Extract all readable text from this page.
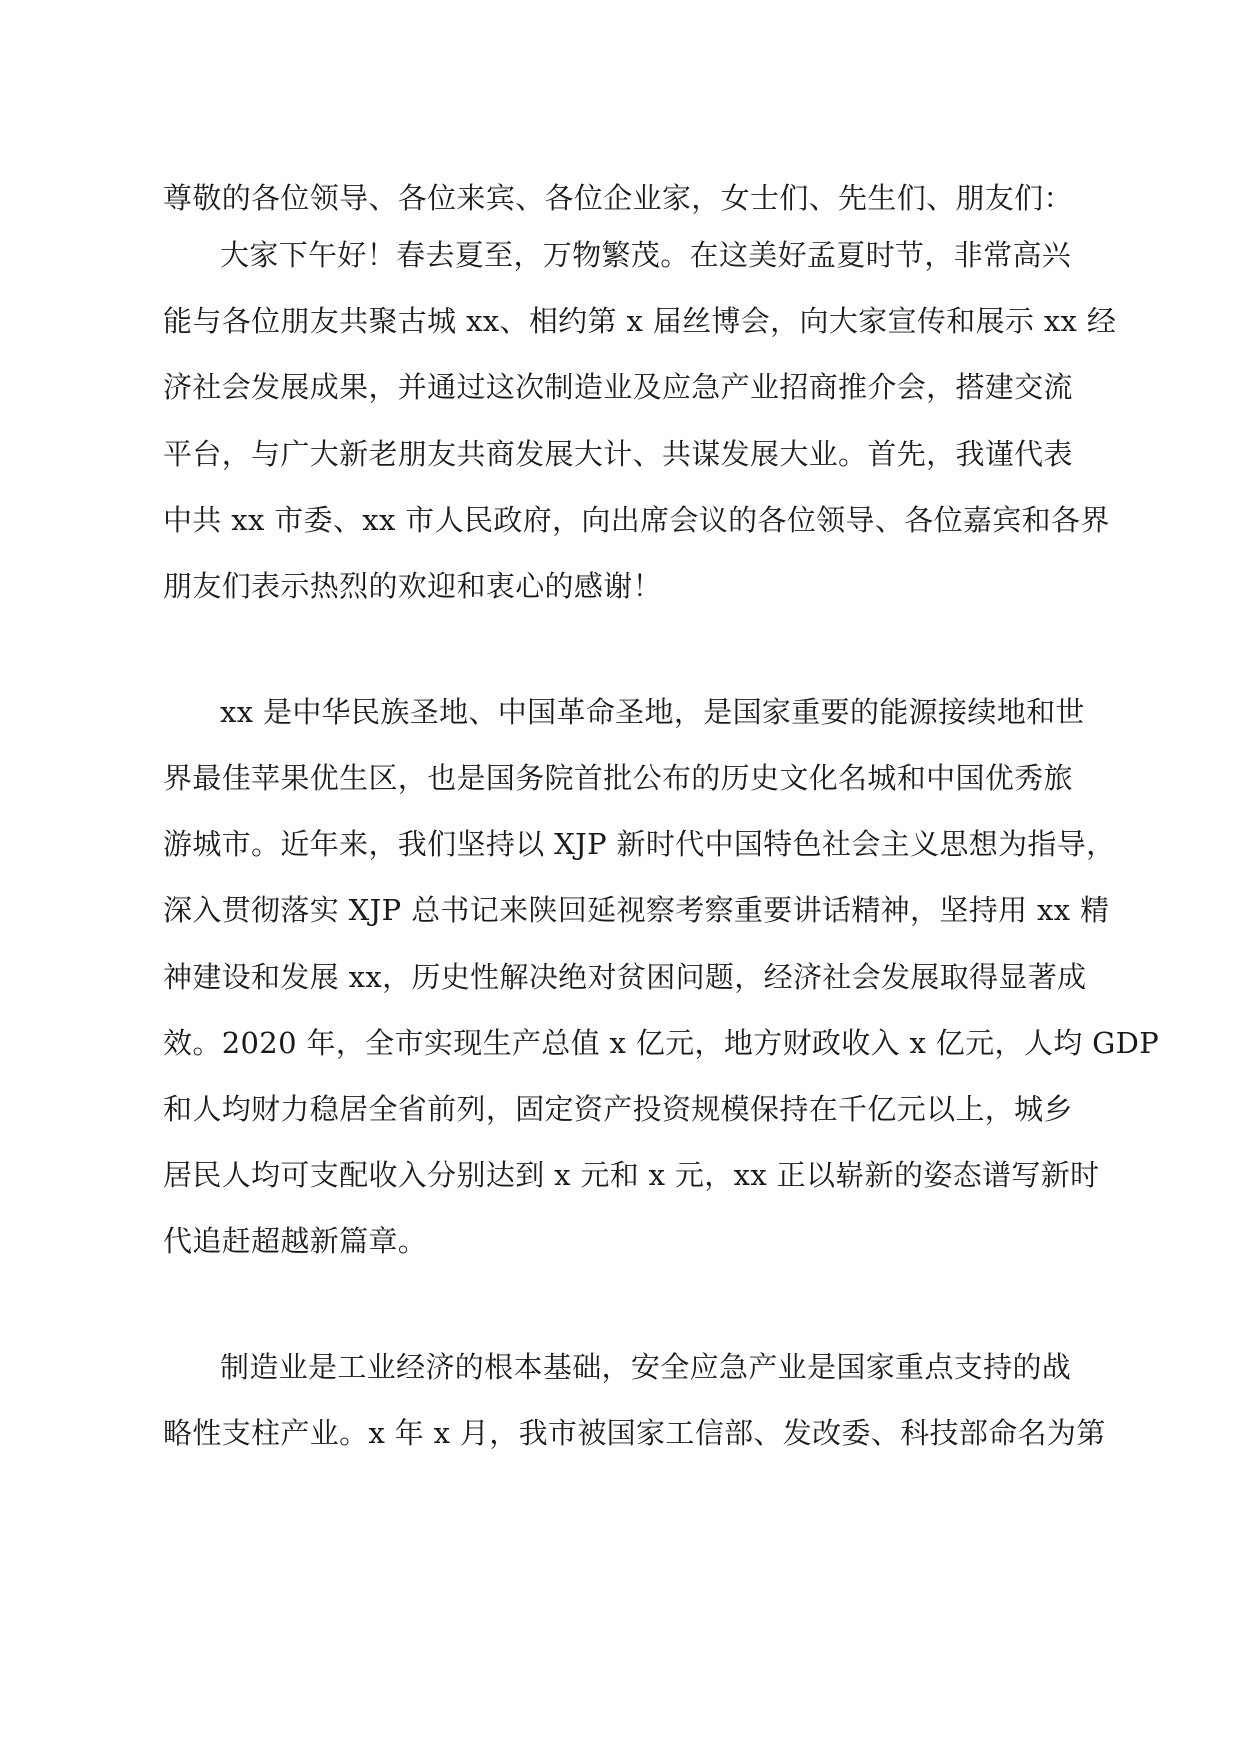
尊敬的各位领导、各位来宾、各位企业家，女士们、先生们、朋友们：
大家下午好！春去夏至，万物繁茂。在这美好孟夏时节，非常高兴
能与各位朋友共聚古城 xx、相约第 x 届丝博会，向大家宣传和展示 xx 经
济社会发展成果，并通过这次制造业及应急产业招商推介会，搭建交流
平台，与广大新老朋友共商发展大计、共谋发展大业。首先，我谨代表
中共 xx 市委、xx 市人民政府，向出席会议的各位领导、各位嘉宾和各界
朋友们表示热烈的欢迎和衷心的感谢！
xx 是中华民族圣地、中国革命圣地，是国家重要的能源接续地和世
界最佳苹果优生区，也是国务院首批公布的历史文化名城和中国优秀旅
游城市。近年来，我们坚持以 XJP 新时代中国特色社会主义思想为指导，
深入贯彻落实 XJP 总书记来陕回延视察考察重要讲话精神，坚持用 xx 精
神建设和发展 xx，历史性解决绝对贫困问题，经济社会发展取得显著成
效。2020 年，全市实现生产总值 x 亿元，地方财政收入 x 亿元，人均 GDP
和人均财力稳居全省前列，固定资产投资规模保持在千亿元以上，城乡
居民人均可支配收入分别达到 x 元和 x 元，xx 正以崭新的姿态谱写新时
代追赶超越新篇章。
制造业是工业经济的根本基础，安全应急产业是国家重点支持的战
略性支柱产业。x 年 x 月，我市被国家工信部、发改委、科技部命名为第
